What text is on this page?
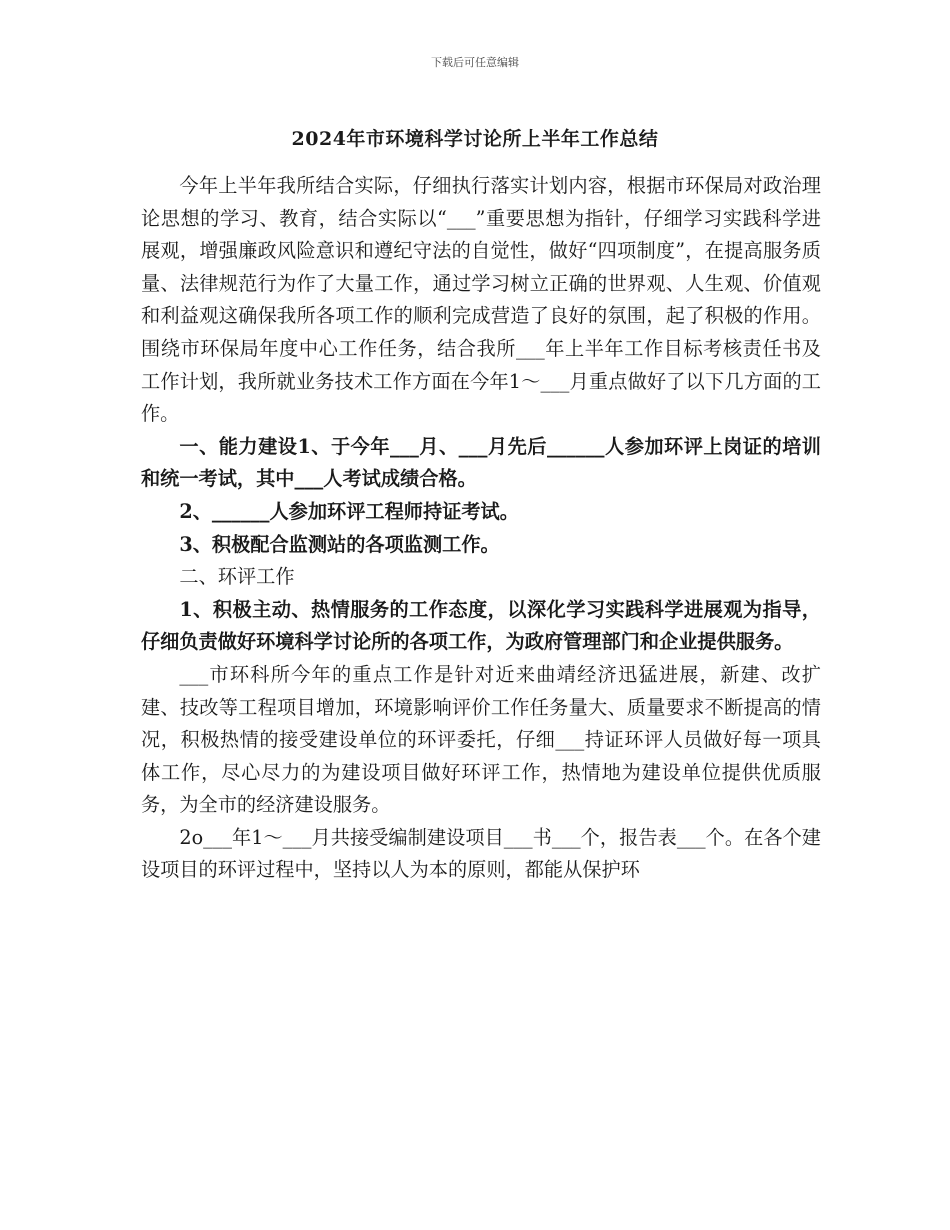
下载后可任意编辑
2024年市环境科学讨论所上半年工作总结

今年上半年我所结合实际，仔细执行落实计划内容，根据市环保局对政治理论思想的学习、教育，结合实际以“___”重要思想为指针，仔细学习实践科学进展观，增强廉政风险意识和遵纪守法的自觉性，做好“四项制度”，在提高服务质量、法律规范行为作了大量工作，通过学习树立正确的世界观、人生观、价值观和利益观这确保我所各项工作的顺利完成营造了良好的氛围，起了积极的作用。围绕市环保局年度中心工作任务，结合我所___年上半年工作目标考核责任书及工作计划，我所就业务技术工作方面在今年1～___月重点做好了以下几方面的工作。

一、能力建设1、于今年___月、___月先后______人参加环评上岗证的培训和统一考试，其中___人考试成绩合格。

2、______人参加环评工程师持证考试。

3、积极配合监测站的各项监测工作。

二、环评工作

1、积极主动、热情服务的工作态度，以深化学习实践科学进展观为指导，仔细负责做好环境科学讨论所的各项工作，为政府管理部门和企业提供服务。

___市环科所今年的重点工作是针对近来曲靖经济迅猛进展，新建、改扩建、技改等工程项目增加，环境影响评价工作任务量大、质量要求不断提高的情况，积极热情的接受建设单位的环评委托，仔细___持证环评人员做好每一项具体工作，尽心尽力的为建设项目做好环评工作，热情地为建设单位提供优质服务，为全市的经济建设服务。

2o___年1～___月共接受编制建设项目___书___个，报告表___个。在各个建设项目的环评过程中，坚持以人为本的原则，都能从保护环
